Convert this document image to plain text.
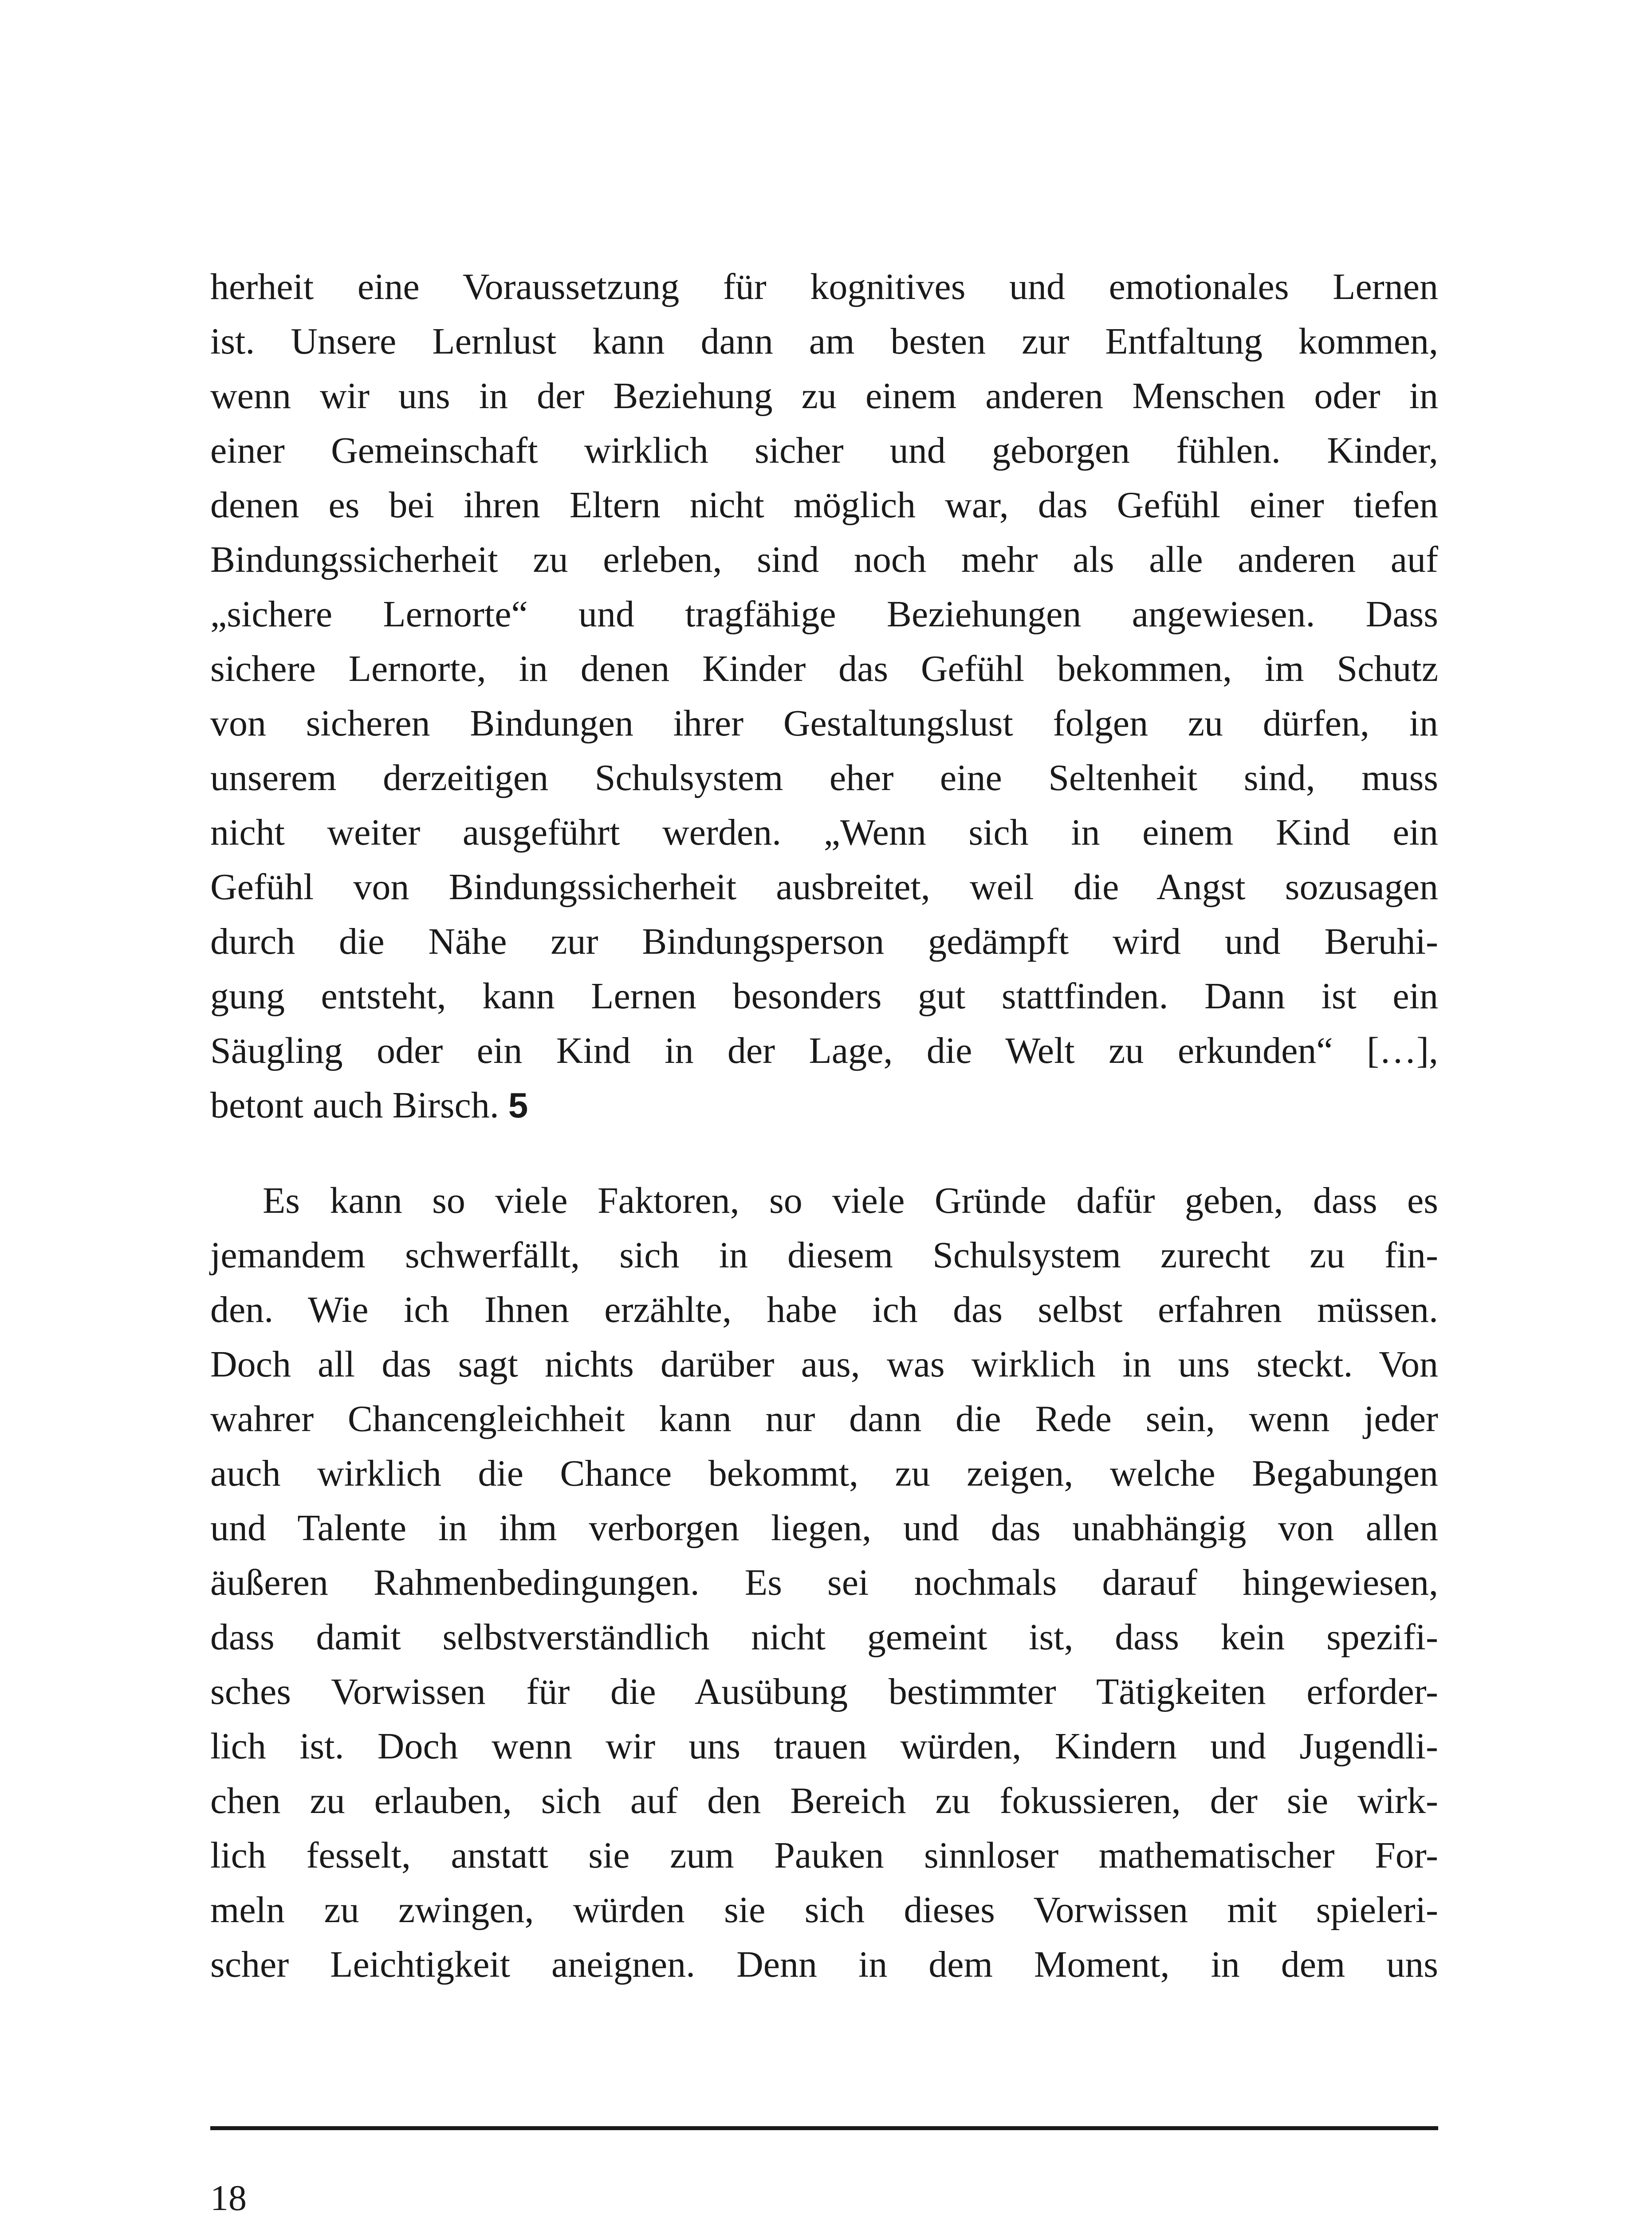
herheit eine Voraussetzung für kognitives und emotionales Lernen
ist. Unsere Lernlust kann dann am besten zur Entfaltung kommen,
wenn wir uns in der Beziehung zu einem anderen Menschen oder in
einer Gemeinschaft wirklich sicher und geborgen fühlen. Kinder,
denen es bei ihren Eltern nicht möglich war, das Gefühl einer tiefen
Bindungssicherheit zu erleben, sind noch mehr als alle anderen auf
„sichere Lernorte“ und tragfähige Beziehungen angewiesen. Dass
sichere Lernorte, in denen Kinder das Gefühl bekommen, im Schutz
von sicheren Bindungen ihrer Gestaltungslust folgen zu dürfen, in
unserem derzeitigen Schulsystem eher eine Seltenheit sind, muss
nicht weiter ausgeführt werden. „Wenn sich in einem Kind ein
Gefühl von Bindungssicherheit ausbreitet, weil die Angst sozusagen
durch die Nähe zur Bindungsperson gedämpft wird und Beruhi-
gung entsteht, kann Lernen besonders gut stattfinden. Dann ist ein
Säugling oder ein Kind in der Lage, die Welt zu erkunden“ […],
betont auch Birsch. 5
Es kann so viele Faktoren, so viele Gründe dafür geben, dass es
jemandem schwerfällt, sich in diesem Schulsystem zurecht zu fin-
den. Wie ich Ihnen erzählte, habe ich das selbst erfahren müssen.
Doch all das sagt nichts darüber aus, was wirklich in uns steckt. Von
wahrer Chancengleichheit kann nur dann die Rede sein, wenn jeder
auch wirklich die Chance bekommt, zu zeigen, welche Begabungen
und Talente in ihm verborgen liegen, und das unabhängig von allen
äußeren Rahmenbedingungen. Es sei nochmals darauf hingewiesen,
dass damit selbstverständlich nicht gemeint ist, dass kein spezifi-
sches Vorwissen für die Ausübung bestimmter Tätigkeiten erforder-
lich ist. Doch wenn wir uns trauen würden, Kindern und Jugendli-
chen zu erlauben, sich auf den Bereich zu fokussieren, der sie wirk-
lich fesselt, anstatt sie zum Pauken sinnloser mathematischer For-
meln zu zwingen, würden sie sich dieses Vorwissen mit spieleri-
scher Leichtigkeit aneignen. Denn in dem Moment, in dem uns
18
